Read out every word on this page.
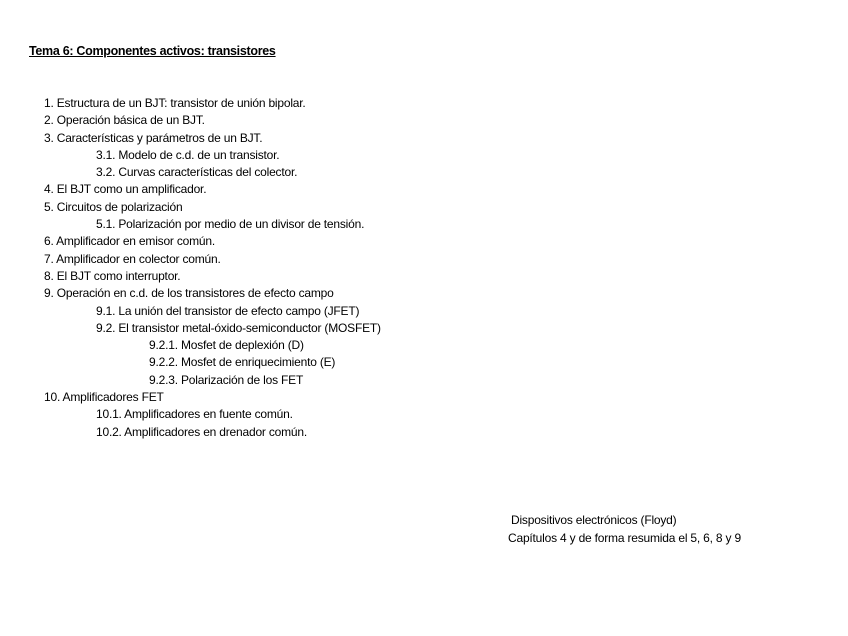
Tema 6: Componentes activos: transistores
1. Estructura de un BJT: transistor de unión bipolar.
2. Operación básica de un BJT.
3. Características y parámetros de un BJT.
3.1. Modelo de c.d. de un transistor.
3.2. Curvas características del colector.
4. El BJT como un amplificador.
5. Circuitos de polarización
5.1. Polarización por medio de un divisor de tensión.
6. Amplificador en emisor común.
7. Amplificador en colector común.
8. El BJT como interruptor.
9. Operación en c.d. de los transistores de efecto campo
9.1. La unión del transistor de efecto campo (JFET)
9.2. El transistor metal-óxido-semiconductor (MOSFET)
9.2.1. Mosfet de deplexión (D)
9.2.2. Mosfet de enriquecimiento (E)
9.2.3. Polarización de los FET
10. Amplificadores FET
10.1. Amplificadores en fuente común.
10.2. Amplificadores en drenador común.
Dispositivos electrónicos (Floyd)
Capítulos 4 y de forma resumida el 5, 6, 8 y 9
